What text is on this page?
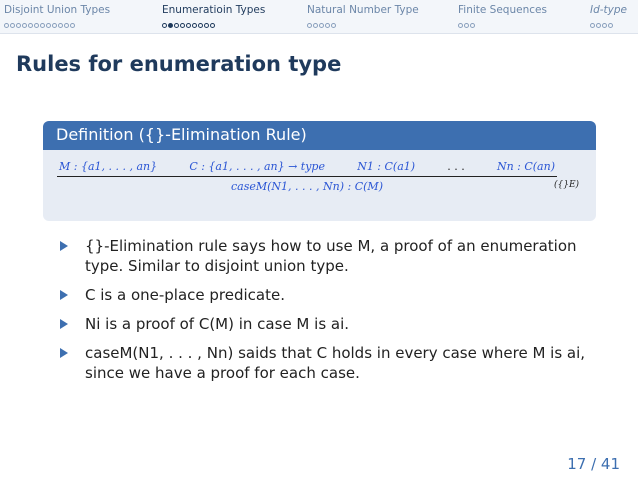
Disjoint Union Types	Enumeratioin Types	Natural Number Type	Finite Sequences	Id-type
Rules for enumeration type
Definition ({}-Elimination Rule)
M : {a1, . . . , an}	C : {a1, . . . , an} → type	N1 : C(a1)	. . .	Nn : C(an)
caseM(N1, . . . , Nn) : C(M)	({}E)
{}-Elimination rule says how to use M, a proof of an enumeration type. Similar to disjoint union type.
C is a one-place predicate.
Ni is a proof of C(M) in case M is ai.
caseM(N1, . . . , Nn) saids that C holds in every case where M is ai, since we have a proof for each case.
17 / 41
